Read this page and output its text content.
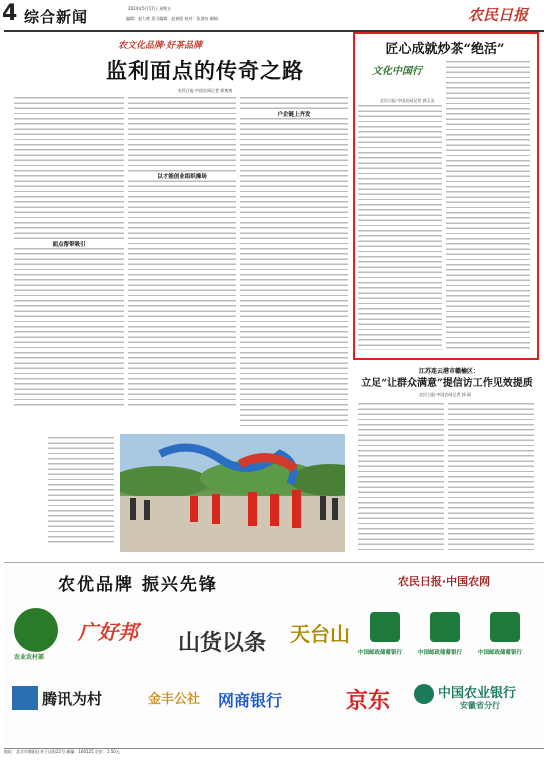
4 综合新闻	2024年5月17日 星期五
编辑：赵力欢 见习编辑：赵春阳 校对：张漂亮 邮箱：	农民日报
农文化品牌·好茶品牌
监利面点的传奇之路
农民日报·中国农网记者 郭爽爽
面点帮带吸引
户企链上齐发
以才能创业组织操场
匠心成就炒茶“绝活”
文化中国行
农民日报·中国农网记者 郭玉洁
江苏连云港市赣榆区：
立足“让群众满意”提信访工作见效提质
农民日报·中国农网记者 郭 靖
农优品牌 振兴先锋	农民日报·中国农网
农业农村部
广好邦 山货以条 天台山
中国邮政储蓄银行	中国邮政储蓄银行	中国邮政储蓄银行
腾讯为村	金丰公社 网商银行	京东	中国农业银行
安徽省分行
地址：北京市朝阳区麦子店街22号 邮编：100125 定价：1.50元
